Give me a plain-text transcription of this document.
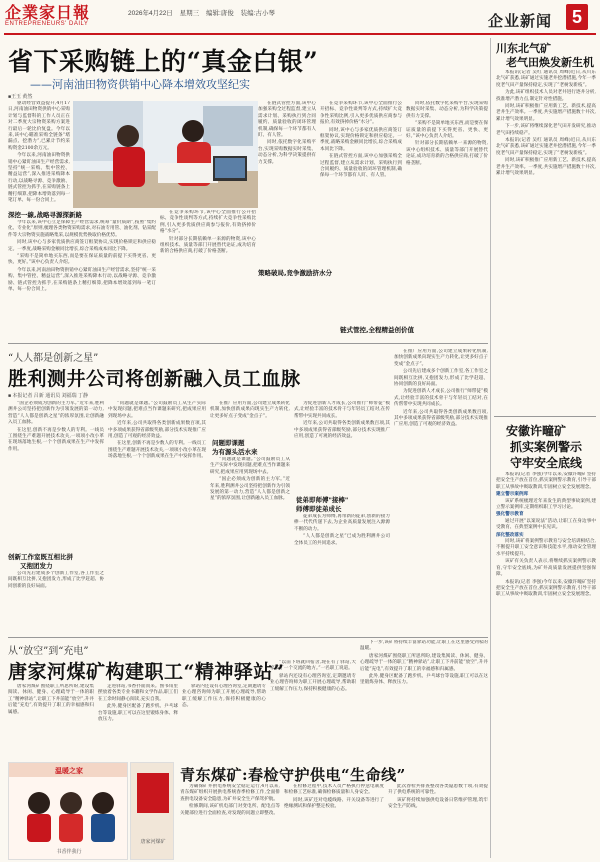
企業家日報
ENTREPRENEURS' DAILY
2026年4月22日 星期三 编辑:唐俊 装编:古小琴	企业新闻	5
省下采购链上的“真金白银”
——河南油田物资供销中心降本增效攻坚纪实
■王玉 黄然

驱动经营效益提升,4月17日,河南油田物资供销中心采购计划与监督科的工作人员正在对二季度大宗物资采购方案进行最后一轮比价复盘。今年以来,该中心瞄准采购全链条“堵漏点、挖潜力”,已累计节约采购资金2100余万元。

今年以来,河南油田物资供销中心紧盯油田生产经营需求,坚持“统一采购、集中管控、精益运营”,深入推进采购降本行动,以战略寻源、竞争激励、链式管控为抓手,在采购链条上精打细算,把降本增效落到每一笔订单、每一份合同上。

深挖一線,战略寻源探新路

今年以来,该中心立足保障生产经营需求,统筹“量价质期”,按照“集约化、专业化”原则,梳理各类物资采购需求,对石油专用管、油化剂、钻采配件等大宗物资实施战略集采,以规模优势换取价格优势。

同时,该中心与多家优质供应商签订框架协议,实现价格锁定和供应稳定。一季度,战略采购金额同比增长,综合采购成本同比下降。

“采购不是简单地买东西,而是要在保证质量的前提下买得更省、更快、更好。”该中心负责人介绍。

今年以来,河南油田物资供销中心紧盯油田生产经营需求,坚持“统一采购、集中管控、精益运营”,深入推进采购降本行动,以战略寻源、竞争激励、链式管控为抓手,在采购链条上精打细算,把降本增效落到每一笔订单、每一份合同上。

在竞争采购环节,该中心全面推行公开招标、竞争性谈判等方式,持续扩大竞争性采购比例,引入更多优质供应商参与报价,有效挤掉价格“水分”。

针对部分长期依赖单一来源的物资,该中心组织技术、质量等部门开展替代论证,成功培育新的合格供应商,打破了价格垄断。

在链式管控方面,该中心加强采购全过程监督,建立从需求计划、采购执行到合同履约、质量验收的闭环管理机制,确保每一个环节都有人盯、有人管。

同时,依托数字化采购平台,实现采购数据实时采集、动态分析,为科学决策提供有力支撑。

策略破局,竞争激励挤水分

在竞争采购环节,该中心全面推行公开招标、竞争性谈判等方式,持续扩大竞争性采购比例,引入更多优质供应商参与报价,有效挤掉价格“水分”。

同时,该中心与多家优质供应商签订框架协议,实现价格锁定和供应稳定。一季度,战略采购金额同比增长,综合采购成本同比下降。

在链式管控方面,该中心加强采购全过程监督,建立从需求计划、采购执行到合同履约、质量验收的闭环管理机制,确保每一个环节都有人盯、有人管。

链式管控,全程精益创价值

同时,依托数字化采购平台,实现采购数据实时采集、动态分析,为科学决策提供有力支撑。

“采购不是简单地买东西,而是要在保证质量的前提下买得更省、更快、更好。”该中心负责人介绍。

针对部分长期依赖单一来源的物资,该中心组织技术、质量等部门开展替代论证,成功培育新的合格供应商,打破了价格垄断。

“人人都是创新之星”
胜利测井公司将创新融入员工血脉
■ 本报记者 吕新 通讯员 刘福瑞 丁静

“国企必须成为创新的主力军。”近年来,胜利测井公司坚持把创新作为引领发展的第一动力,营造“人人都是创新之星”的浓厚氛围,让创新融入员工血脉。

在这里,创新不再是少数人的专利。一线员工围绕生产难题开展技术攻关,一项项小改小革在现场落地生根,一个个创新成果在生产中发挥作用。

创新工作室既互相比拼
又抱团发力

公司先后建成多个创新工作室,各工作室之间既相互比拼,又抱团发力,形成了比学赶超、协同创新的良好局面。

“问题就是课题。”公司鼓励员工从生产实际中发现问题,把难点当作课题来研究,把成果应用到现场中去。

近年来,公司共取得各类创新成果数百项,其中多项成果获得省部级奖励,部分技术实现推广应用,创造了可观的经济效益。

在这里,创新不再是少数人的专利。一线员工围绕生产难题开展技术攻关,一项项小改小革在现场落地生根,一个个创新成果在生产中发挥作用。

在推广应用方面,公司建立成果转化机制,加快创新成果向现实生产力转化,让更多好点子变成“金点子”。

问题即课题
为有源头活水来

“问题就是课题。”公司鼓励员工从生产实际中发现问题,把难点当作课题来研究,把成果应用到现场中去。

“国企必须成为创新的主力军。”近年来,胜利测井公司坚持把创新作为引领发展的第一动力,营造“人人都是创新之星”的浓厚氛围,让创新融入员工血脉。

为促进创新人才成长,公司推行“师带徒”模式,让经验丰富的技术骨干与年轻员工结对,在传帮带中实现共同成长。

近年来,公司共取得各类创新成果数百项,其中多项成果获得省部级奖励,部分技术实现推广应用,创造了可观的经济效益。

徒弟即师傅"接棒"
师傅即徒弟成长

徒弟成长为师傅,再带新的徒弟,创新的接力棒一代代传递下去,为企业高质量发展注入源源不断的动力。

“人人都是创新之星”已成为胜利测井公司全体员工的共同追求。

在推广应用方面,公司建立成果转化机制,加快创新成果向现实生产力转化,让更多好点子变成“金点子”。

公司先后建成多个创新工作室,各工作室之间既相互比拼,又抱团发力,形成了比学赶超、协同创新的良好局面。

为促进创新人才成长,公司推行“师带徒”模式,让经验丰富的技术骨干与年轻员工结对,在传帮带中实现共同成长。

近年来,公司共取得各类创新成果数百项,其中多项成果获得省部级奖励,部分技术实现推广应用,创造了可观的经济效益。

从“放空”到“充电”
唐家河煤矿构建职工“精神驿站”

唐家河煤矿围绕职工所思所盼,建设集阅读、休闲、健身、心理疏导于一体的职工“精神驿站”,让职工下井前能“放空”,升井后能“充电”,有效提升了职工的幸福感和归属感。

走进驿站,书香扑面而来。图书角里摆放着各类专业书籍和文学作品,职工们在工余时间静心阅读,充实自我。

此外,健身区配备了跑步机、乒乓球台等设施,职工可以在这里锻炼身体、释放压力。

驿站内还设有心理咨询室,定期邀请专业心理咨询师为职工开展心理疏导,帮助职工缓解工作压力,保持积极健康的心态。

“以前下班就回宿舍,现在有了驿站,大家多了一个交流的地方。”一名职工说道。

驿站内还设有心理咨询室,定期邀请专业心理咨询师为职工开展心理疏导,帮助职工缓解工作压力,保持积极健康的心态。

下一步,该矿将持续丰富驿站功能,让职工在这里感受到家的温暖。

唐家河煤矿围绕职工所思所盼,建设集阅读、休闲、健身、心理疏导于一体的职工“精神驿站”,让职工下井前能“放空”,升井后能“充电”,有效提升了职工的幸福感和归属感。

此外,健身区配备了跑步机、乒乓球台等设施,职工可以在这里锻炼身体、释放压力。

温暖之家
书香伴我行
唐家河煤矿
青东煤矿:春检守护供电“生命线”

为确保矿井供电系统安全稳定运行,4月以来,青东煤矿组织开展供电系统春季检修工作,全面排查供电设备安全隐患,为矿井安全生产保驾护航。

检修期间,该矿机电部门对变电所、配电点等关键部位进行全面检查,对发现的问题立即整改。

在检修过程中,技术人员严格执行停送电制度和检修工艺标准,确保检修质量和人身安全。

同时,该矿还对电缆线路、开关设备等进行了绝缘测试和保护整定校验。

此次春检共排查整改各类隐患数十项,有效提升了供电系统的可靠性。

该矿将持续加强供电设备日常维护管理,筑牢安全生产防线。

川东北气矿
老气田焕发新生机

本报讯(记者 吴红 通讯员 周峰)近日,从川东北气矿获悉,该矿通过实施老井挖潜措施,今年一季度老气田产量保持稳定,实现了“老树发新枝”。

为此,该矿组织技术人员对老井进行逐井分析,找准增产潜力点,制定针对性措施。

同时,该矿积极推广应用新工艺、新技术,提高老井生产效率。一季度,共实施增产措施数十井次,累计增气效果明显。

下一步,该矿将继续深化老气田开发研究,推动老气田持续稳产。

本报讯(记者 吴红 通讯员 周峰)近日,从川东北气矿获悉,该矿通过实施老井挖潜措施,今年一季度老气田产量保持稳定,实现了“老树发新枝”。

同时,该矿积极推广应用新工艺、新技术,提高老井生产效率。一季度,共实施增产措施数十井次,累计增气效果明显。

安徽许疃矿
抓实案例警示
守牢安全底线

本报讯(记者 李强)今年以来,安徽许疃矿坚持把安全生产放在首位,抓实案例警示教育,引导干部职工从事故中吸取教训,牢固树立安全发展理念。

建立警示案例库

该矿系统梳理近年来发生的典型事故案例,建立警示案例库,定期组织职工学习讨论。

强化警示教育

通过开展“以案说法”活动,让职工在身边事中受教育、在典型案例中长见识。

深化整改落实

同时,该矿将案例警示教育与安全培训相结合,不断提升职工安全意识和技能水平,推动安全管理水平持续提升。

该矿有关负责人表示,将继续抓实案例警示教育,守牢安全底线,为矿井高质量发展提供坚强保障。

本报讯(记者 李强)今年以来,安徽许疃矿坚持把安全生产放在首位,抓实案例警示教育,引导干部职工从事故中吸取教训,牢固树立安全发展理念。
